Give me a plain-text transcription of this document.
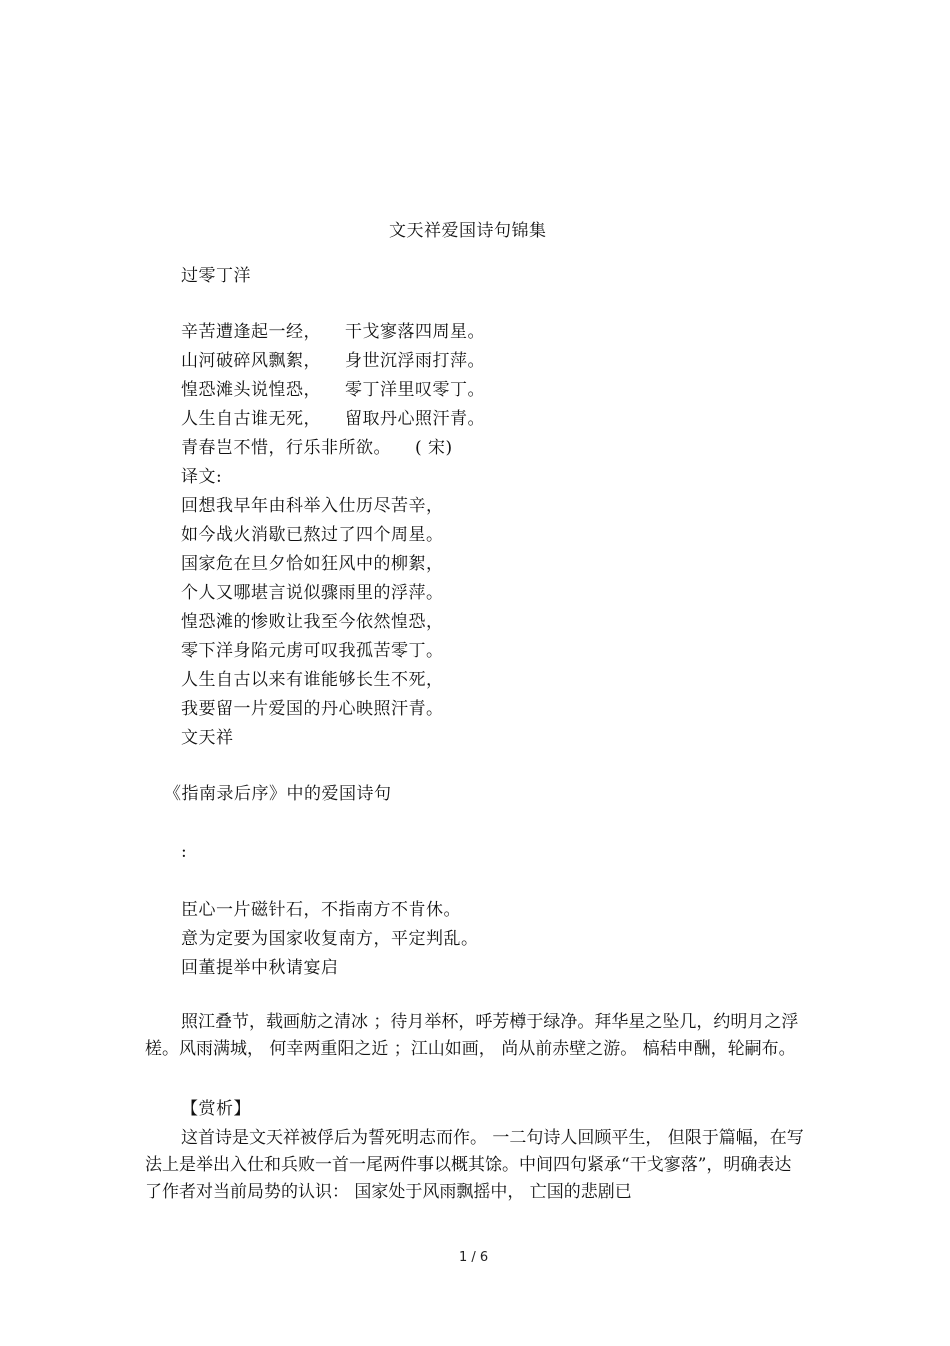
文天祥爱国诗句锦集
过零丁洋
辛苦遭逢起一经， 干戈寥落四周星。
山河破碎风飘絮， 身世沉浮雨打萍。
惶恐滩头说惶恐， 零丁洋里叹零丁。
人生自古谁无死， 留取丹心照汗青。
青春岂不惜，行乐非所欲。 ( 宋)
译文:
回想我早年由科举入仕历尽苦辛，
如今战火消歇已熬过了四个周星。
国家危在旦夕恰如狂风中的柳絮，
个人又哪堪言说似骤雨里的浮萍。
惶恐滩的惨败让我至今依然惶恐，
零下洋身陷元虏可叹我孤苦零丁。
人生自古以来有谁能够长生不死，
我要留一片爱国的丹心映照汗青。
文天祥
《指南录后序》中的爱国诗句
:
臣心一片磁针石，不指南方不肯休。
意为定要为国家收复南方，平定判乱。
回董提举中秋请宴启
照江叠节，载画舫之清冰 ；待月举杯，呼芳樽于绿净。拜华星之坠几，约明月之浮槎。风雨满城， 何幸两重阳之近 ；江山如画， 尚从前赤壁之游。 槁秸申酬，轮嗣布。
【赏析】
这首诗是文天祥被俘后为誓死明志而作。 一二句诗人回顾平生， 但限于篇幅，在写法上是举出入仕和兵败一首一尾两件事以概其馀。中间四句紧承“干戈寥落”，明确表达了作者对当前局势的认识： 国家处于风雨飘摇中， 亡国的悲剧已
1 / 6
